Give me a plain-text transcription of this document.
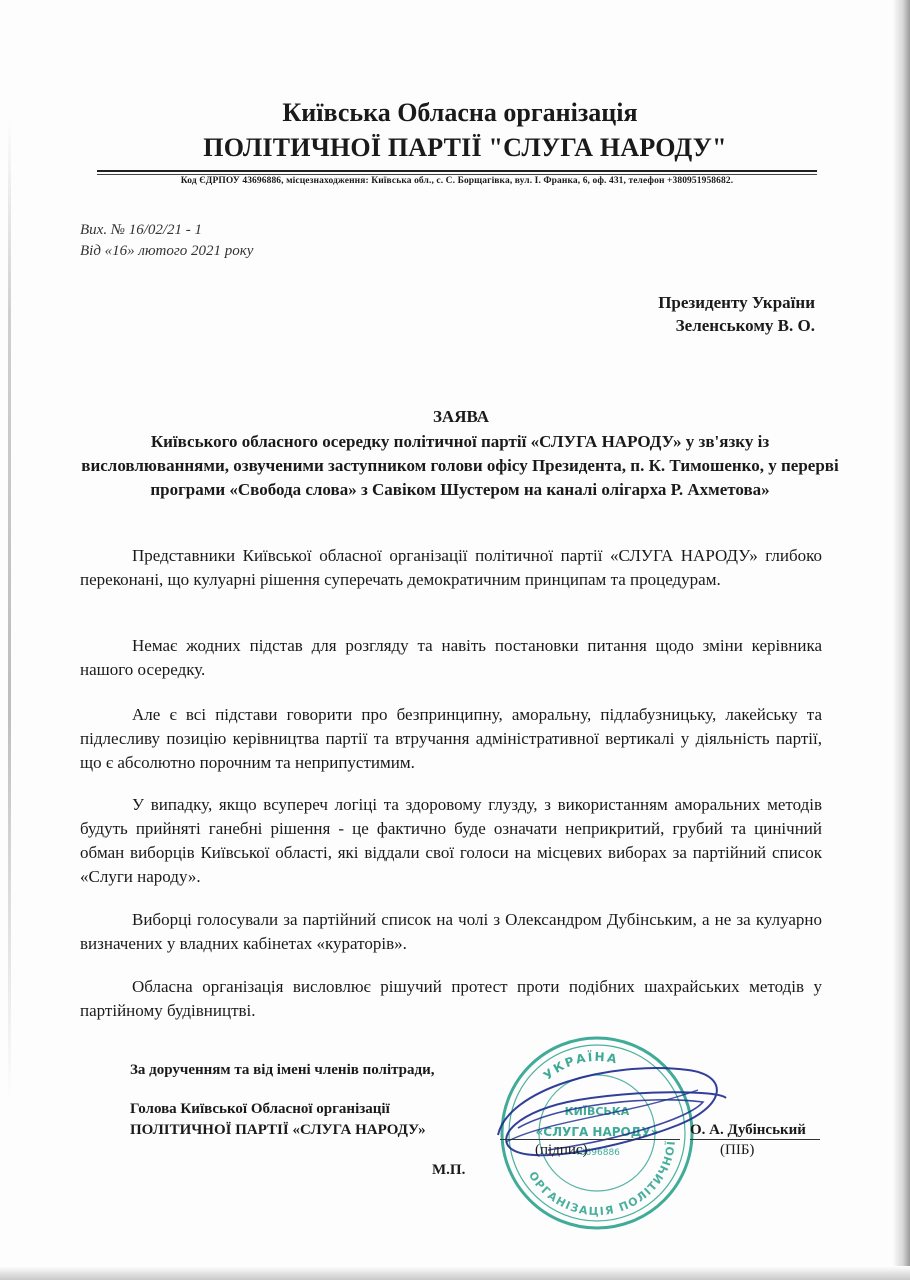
Київська Обласна організація
ПОЛІТИЧНОЇ ПАРТІЇ "СЛУГА НАРОДУ"
Код ЄДРПОУ 43696886, місцезнаходження: Київська обл., с. С. Борщагівка, вул. І. Франка, 6, оф. 431, телефон +380951958682.
Вих. № 16/02/21 - 1
Від «16» лютого 2021 року
Президенту України
Зеленському В. О.
ЗАЯВА
Київського обласного осередку політичної партії «СЛУГА НАРОДУ» у зв'язку із висловлюваннями, озвученими заступником голови офісу Президента, п. К. Тимошенко, у перерві програми «Свобода слова» з Савіком Шустером на каналі олігарха Р. Ахметова»
Представники Київської обласної організації політичної партії «СЛУГА НАРОДУ» глибоко переконані, що кулуарні рішення суперечать демократичним принципам та процедурам.
Немає жодних підстав для розгляду та навіть постановки питання щодо зміни керівника нашого осередку.
Але є всі підстави говорити про безпринципну, аморальну, підлабузницьку, лакейську та підлесливу позицію керівництва партії та втручання адміністративної вертикалі у діяльність партії, що є абсолютно порочним та неприпустимим.
У випадку, якщо всупереч логіці та здоровому глузду, з використанням аморальних методів будуть прийняті ганебні рішення - це фактично буде означати неприкритий, грубий та цинічний обман виборців Київської області, які віддали свої голоси на місцевих виборах за партійний список «Слуги народу».
Виборці голосували за партійний список на чолі з Олександром Дубінським, а не за кулуарно визначених у владних кабінетах «кураторів».
Обласна організація висловлює рішучий протест проти подібних шахрайських методів у партійному будівництві.
За дорученням та від імені членів політради,
Голова Київської Обласної організації
ПОЛІТИЧНОЇ ПАРТІЇ «СЛУГА НАРОДУ»
УКРАЇНА
ОРГАНІЗАЦІЯ ПОЛІТИЧНОЇ
КИЇВСЬКА
«СЛУГА НАРОДУ»
43696886
(підпис)
О. А. Дубінський
(ПІБ)
М.П.
